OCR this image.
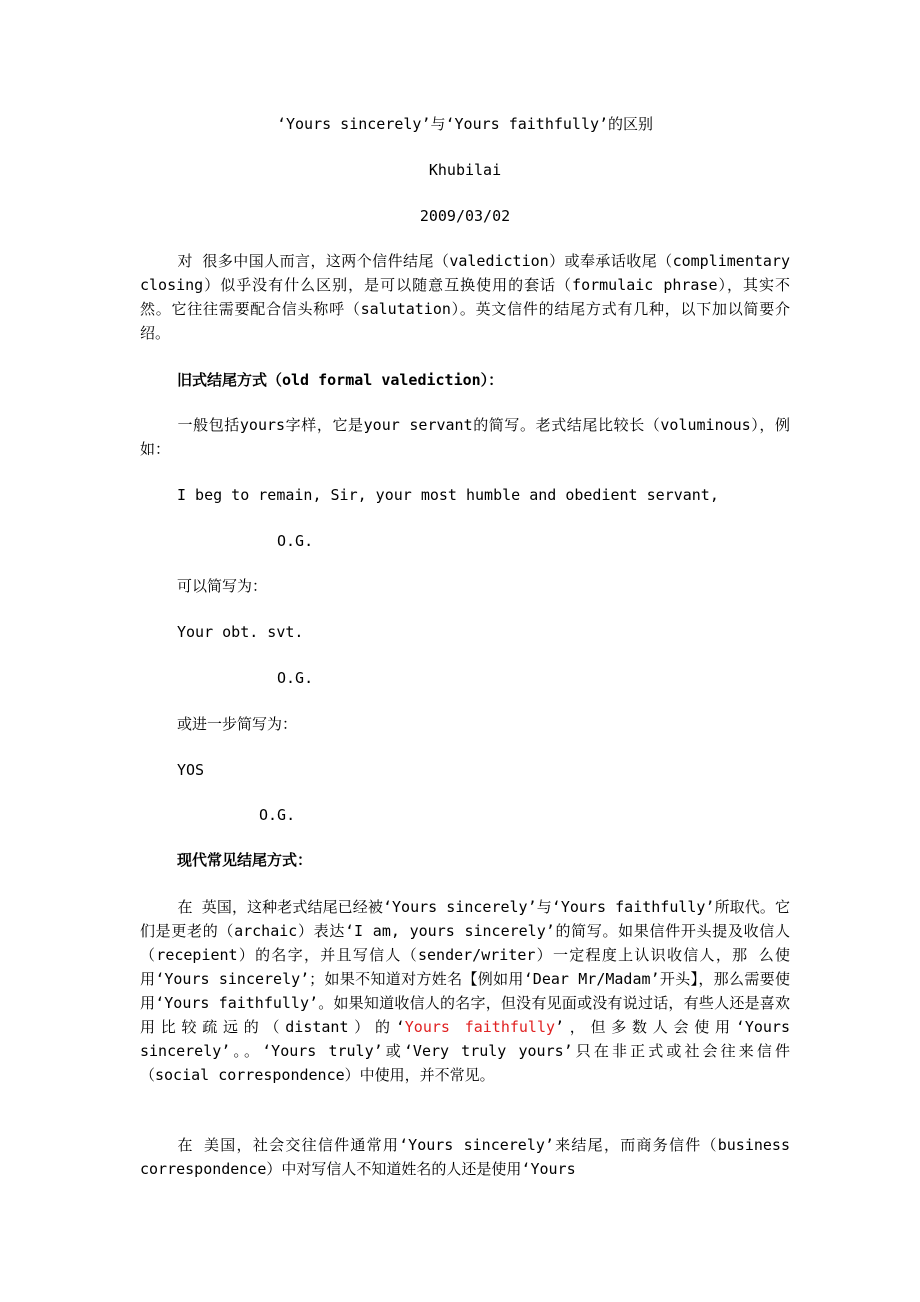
‘Yours sincerely’与‘Yours faithfully’的区别
Khubilai
2009/03/02
对 很多中国人而言，这两个信件结尾（valediction）或奉承话收尾（complimentary closing）似乎没有什么区别，是可以随意互换使用的套话（formulaic phrase），其实不然。它往往需要配合信头称呼（salutation）。英文信件的结尾方式有几种，以下加以简要介绍。
旧式结尾方式（old formal valediction）：
一般包括yours字样，它是your servant的简写。老式结尾比较长（voluminous），例如：
I beg to remain, Sir, your most humble and obedient servant,
O.G.
可以简写为：
Your obt. svt.
O.G.
或进一步简写为：
YOS
O.G.
现代常见结尾方式：
在 英国，这种老式结尾已经被‘Yours sincerely’与‘Yours faithfully’所取代。它们是更老的（archaic）表达‘I am, yours sincerely’的简写。如果信件开头提及收信人（recepient）的名字，并且写信人（sender/writer）一定程度上认识收信人，那 么使用‘Yours sincerely’；如果不知道对方姓名【例如用‘Dear Mr/Madam’开头】，那么需要使用‘Yours faithfully’。如果知道收信人的名字，但没有见面或没有说过话，有些人还是喜欢用比较疏远的（distant）的‘Yours faithfully’，但多数人会使用‘Yours sincerely’。。‘Yours truly’或‘Very truly yours’只在非正式或社会往来信件（social correspondence）中使用，并不常见。
在 美国，社会交往信件通常用‘Yours sincerely’来结尾，而商务信件（business correspondence）中对写信人不知道姓名的人还是使用‘Yours
